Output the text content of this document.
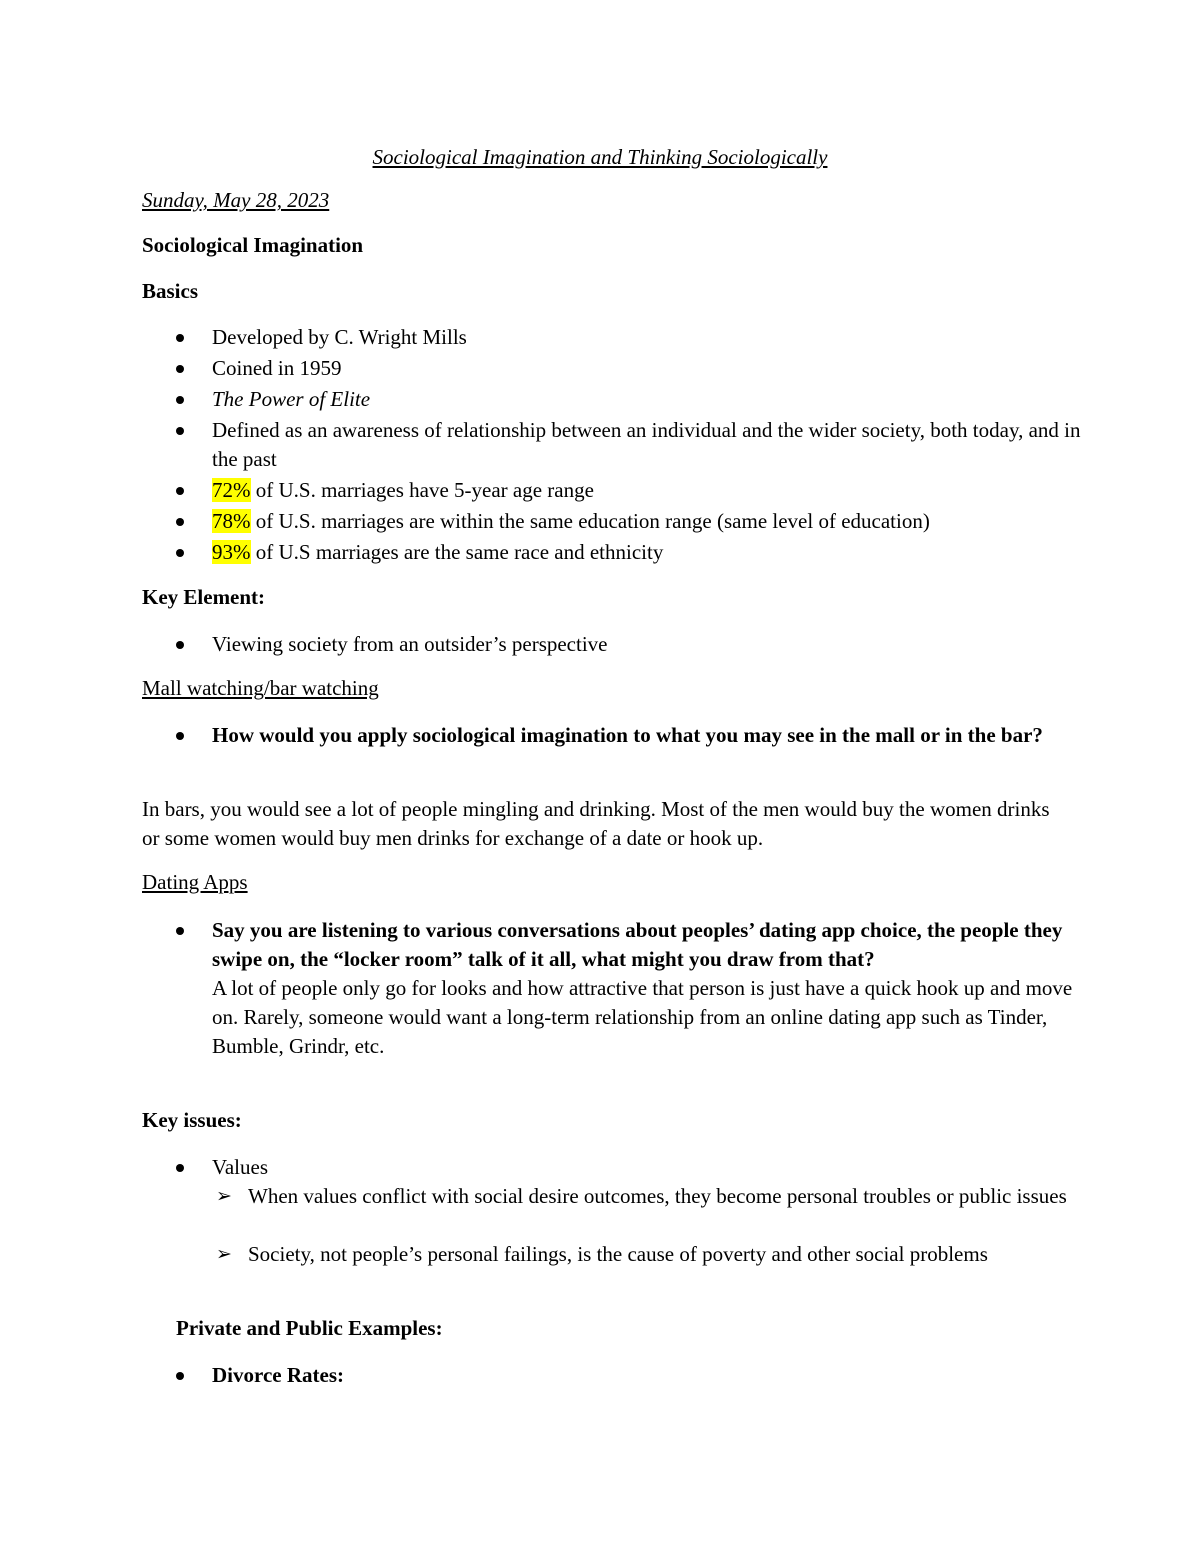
Sociological Imagination and Thinking Sociologically
Sunday, May 28, 2023
Sociological Imagination
Basics
Developed by C. Wright Mills
Coined in 1959
The Power of Elite
Defined as an awareness of relationship between an individual and the wider society, both today, and in the past
72% of U.S. marriages have 5-year age range
78% of U.S. marriages are within the same education range (same level of education)
93% of U.S marriages are the same race and ethnicity
Key Element:
Viewing society from an outsider’s perspective
Mall watching/bar watching
How would you apply sociological imagination to what you may see in the mall or in the bar?
In bars, you would see a lot of people mingling and drinking. Most of the men would buy the women drinks or some women would buy men drinks for exchange of a date or hook up.
Dating Apps
Say you are listening to various conversations about peoples’ dating app choice, the people they swipe on, the “locker room” talk of it all, what might you draw from that?
A lot of people only go for looks and how attractive that person is just have a quick hook up and move on. Rarely, someone would want a long-term relationship from an online dating app such as Tinder, Bumble, Grindr, etc.
Key issues:
Values
➢ When values conflict with social desire outcomes, they become personal troubles or public issues
➢ Society, not people’s personal failings, is the cause of poverty and other social problems
Private and Public Examples:
Divorce Rates:
